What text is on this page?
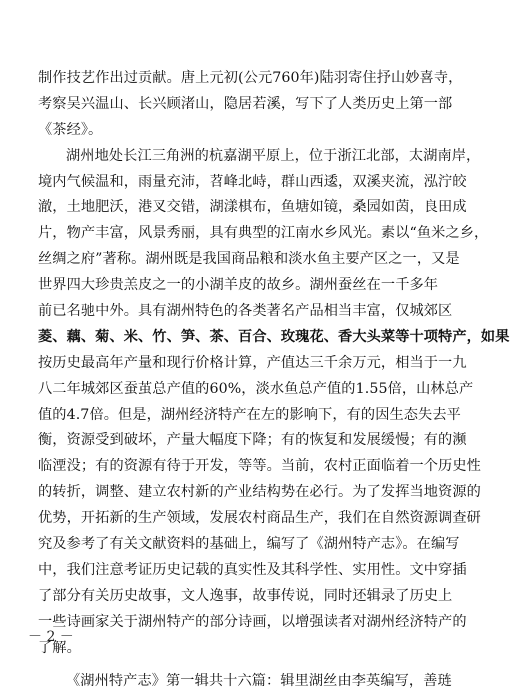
制作技艺作出过贡献。唐上元初(公元760年)陆羽寄住抒山妙喜寺，
考察吴兴温山、长兴顾渚山，隐居若溪，写下了人类历史上第一部
《茶经》。
湖州地处长江三角洲的杭嘉湖平原上，位于浙江北部，太湖南岸，
境内气候温和，雨量充沛，苕峰北峙，群山西逶，双溪夹流，泓泞皎
澈，土地肥沃，港叉交错，湖漾棋布，鱼塘如镜，桑园如茵，良田成
片，物产丰富，风景秀丽，具有典型的江南水乡风光。素以“鱼米之乡，
丝绸之府”著称。湖州既是我国商品粮和淡水鱼主要产区之一，又是
世界四大珍贵羔皮之一的小湖羊皮的故乡。湖州蚕丝在一千多年
前已名驰中外。具有湖州特色的各类著名产品相当丰富，仅城郊区
菱、藕、菊、米、竹、笋、茶、百合、玫瑰花、香大头菜等十项特产，如果
按历史最高年产量和现行价格计算，产值达三千余万元，相当于一九
八二年城郊区蚕茧总产值的60%，淡水鱼总产值的1.55倍，山林总产
值的4.7倍。但是，湖州经济特产在左的影响下，有的因生态失去平
衡，资源受到破坏，产量大幅度下降；有的恢复和发展缓慢；有的濒
临湮没；有的资源有待于开发，等等。当前，农村正面临着一个历史性
的转折，调整、建立农村新的产业结构势在必行。为了发挥当地资源的
优势，开拓新的生产领域，发展农村商品生产，我们在自然资源调查研
究及参考了有关文献资料的基础上，编写了《湖州特产志》。在编写
中，我们注意考证历史记载的真实性及其科学性、实用性。文中穿插
了部分有关历史故事，文人逸事，故事传说，同时还辑录了历史上
一些诗画家关于湖州特产的部分诗画，以增强读者对湖州经济特产的
了解。
《湖州特产志》第一辑共十六篇：辑里湖丝由李英编写，善琏
－ 2 －
